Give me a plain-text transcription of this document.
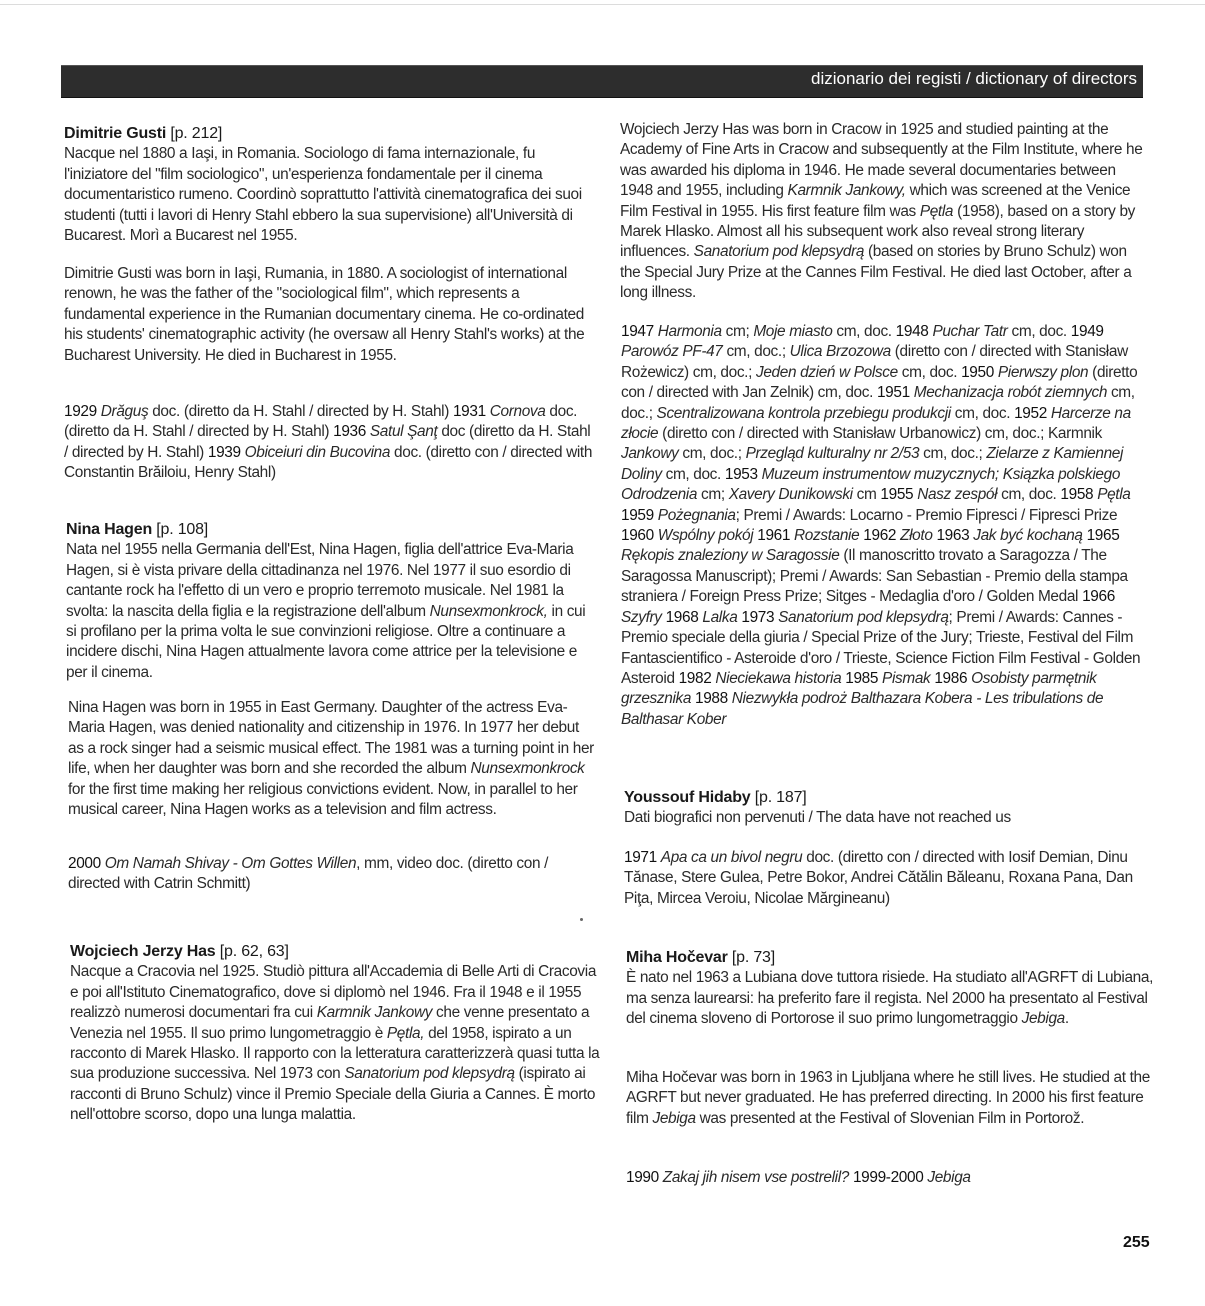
dizionario dei registi / dictionary of directors

Dimitrie Gusti [p. 212]

Nacque nel 1880 a Iaşi, in Romania. Sociologo di fama internazionale, fu l'iniziatore del "film sociologico", un'esperienza fondamentale per il cinema documentaristico rumeno. Coordinò soprattutto l'attività cinematografica dei suoi studenti (tutti i lavori di Henry Stahl ebbero la sua supervisione) all'Università di Bucarest. Morì a Bucarest nel 1955.

Dimitrie Gusti was born in Iaşi, Rumania, in 1880. A sociologist of international renown, he was the father of the "sociological film", which represents a fundamental experience in the Rumanian documentary cinema. He co-ordinated his students' cinematographic activity (he oversaw all Henry Stahl's works) at the Bucharest University. He died in Bucharest in 1955.

1929 Drăguş doc. (diretto da H. Stahl / directed by H. Stahl) 1931 Cornova doc. (diretto da H. Stahl / directed by H. Stahl) 1936 Satul Şanţ doc (diretto da H. Stahl / directed by H. Stahl) 1939 Obiceiuri din Bucovina doc. (diretto con / directed with Constantin Brăiloiu, Henry Stahl)

Nina Hagen [p. 108]

Nata nel 1955 nella Germania dell'Est, Nina Hagen, figlia dell'attrice Eva-Maria Hagen, si è vista privare della cittadinanza nel 1976. Nel 1977 il suo esordio di cantante rock ha l'effetto di un vero e proprio terremoto musicale. Nel 1981 la svolta: la nascita della figlia e la registrazione dell'album Nunsexmonkrock, in cui si profilano per la prima volta le sue convinzioni religiose. Oltre a continuare a incidere dischi, Nina Hagen attualmente lavora come attrice per la televisione e per il cinema.

Nina Hagen was born in 1955 in East Germany. Daughter of the actress Eva-Maria Hagen, was denied nationality and citizenship in 1976. In 1977 her debut as a rock singer had a seismic musical effect. The 1981 was a turning point in her life, when her daughter was born and she recorded the album Nunsexmonkrock for the first time making her religious convictions evident. Now, in parallel to her musical career, Nina Hagen works as a television and film actress.

2000 Om Namah Shivay - Om Gottes Willen, mm, video doc. (diretto con / directed with Catrin Schmitt)

Wojciech Jerzy Has [p. 62, 63]

Nacque a Cracovia nel 1925. Studiò pittura all'Accademia di Belle Arti di Cracovia e poi all'Istituto Cinematografico, dove si diplomò nel 1946. Fra il 1948 e il 1955 realizzò numerosi documentari fra cui Karmnik Jankowy che venne presentato a Venezia nel 1955. Il suo primo lungometraggio è Pętla, del 1958, ispirato a un racconto di Marek Hlasko. Il rapporto con la letteratura caratterizzerà quasi tutta la sua produzione successiva. Nel 1973 con Sanatorium pod klepsydrą (ispirato ai racconti di Bruno Schulz) vince il Premio Speciale della Giuria a Cannes. È morto nell'ottobre scorso, dopo una lunga malattia.

Wojciech Jerzy Has was born in Cracow in 1925 and studied painting at the Academy of Fine Arts in Cracow and subsequently at the Film Institute, where he was awarded his diploma in 1946. He made several documentaries between 1948 and 1955, including Karmnik Jankowy, which was screened at the Venice Film Festival in 1955. His first feature film was Pętla (1958), based on a story by Marek Hlasko. Almost all his subsequent work also reveal strong literary influences. Sanatorium pod klepsydrą (based on stories by Bruno Schulz) won the Special Jury Prize at the Cannes Film Festival. He died last October, after a long illness.

1947 Harmonia cm; Moje miasto cm, doc. 1948 Puchar Tatr cm, doc. 1949 Parowóz PF-47 cm, doc.; Ulica Brzozowa (diretto con / directed with Stanisław Rożewicz) cm, doc.; Jeden dzień w Polsce cm, doc. 1950 Pierwszy plon (diretto con / directed with Jan Zelnik) cm, doc. 1951 Mechanizacja robót ziemnych cm, doc.; Scentralizowana kontrola przebiegu produkcji cm, doc. 1952 Harcerze na złocie (diretto con / directed with Stanisław Urbanowicz) cm, doc.; Karmnik Jankowy cm, doc.; Przegląd kulturalny nr 2/53 cm, doc.; Zielarze z Kamiennej Doliny cm, doc. 1953 Muzeum instrumentow muzycznych; Ksiązka polskiego Odrodzenia cm; Xavery Dunikowski cm 1955 Nasz zespół cm, doc. 1958 Pętla 1959 Pożegnania; Premi / Awards: Locarno - Premio Fipresci / Fipresci Prize 1960 Wspólny pokój 1961 Rozstanie 1962 Złoto 1963 Jak być kochaną 1965 Rękopis znaleziony w Saragossie (Il manoscritto trovato a Saragozza / The Saragossa Manuscript); Premi / Awards: San Sebastian - Premio della stampa straniera / Foreign Press Prize; Sitges - Medaglia d'oro / Golden Medal 1966 Szyfry 1968 Lalka 1973 Sanatorium pod klepsydrą; Premi / Awards: Cannes - Premio speciale della giuria / Special Prize of the Jury; Trieste, Festival del Film Fantascientifico - Asteroide d'oro / Trieste, Science Fiction Film Festival - Golden Asteroid 1982 Nieciekawa historia 1985 Pismak 1986 Osobisty parmętnik grzesznika 1988 Niezwykła podroż Balthazara Kobera - Les tribulations de Balthasar Kober

Youssouf Hidaby [p. 187]

Dati biografici non pervenuti / The data have not reached us

1971 Apa ca un bivol negru doc. (diretto con / directed with Iosif Demian, Dinu Tănase, Stere Gulea, Petre Bokor, Andrei Cătălin Băleanu, Roxana Pana, Dan Piţa, Mircea Veroiu, Nicolae Mărgineanu)

Miha Hočevar [p. 73]

È nato nel 1963 a Lubiana dove tuttora risiede. Ha studiato all'AGRFT di Lubiana, ma senza laurearsi: ha preferito fare il regista. Nel 2000 ha presentato al Festival del cinema sloveno di Portorose il suo primo lungometraggio Jebiga.

Miha Hočevar was born in 1963 in Ljubljana where he still lives. He studied at the AGRFT but never graduated. He has preferred directing. In 2000 his first feature film Jebiga was presented at the Festival of Slovenian Film in Portorož.

1990 Zakaj jih nisem vse postrelil? 1999-2000 Jebiga

255
